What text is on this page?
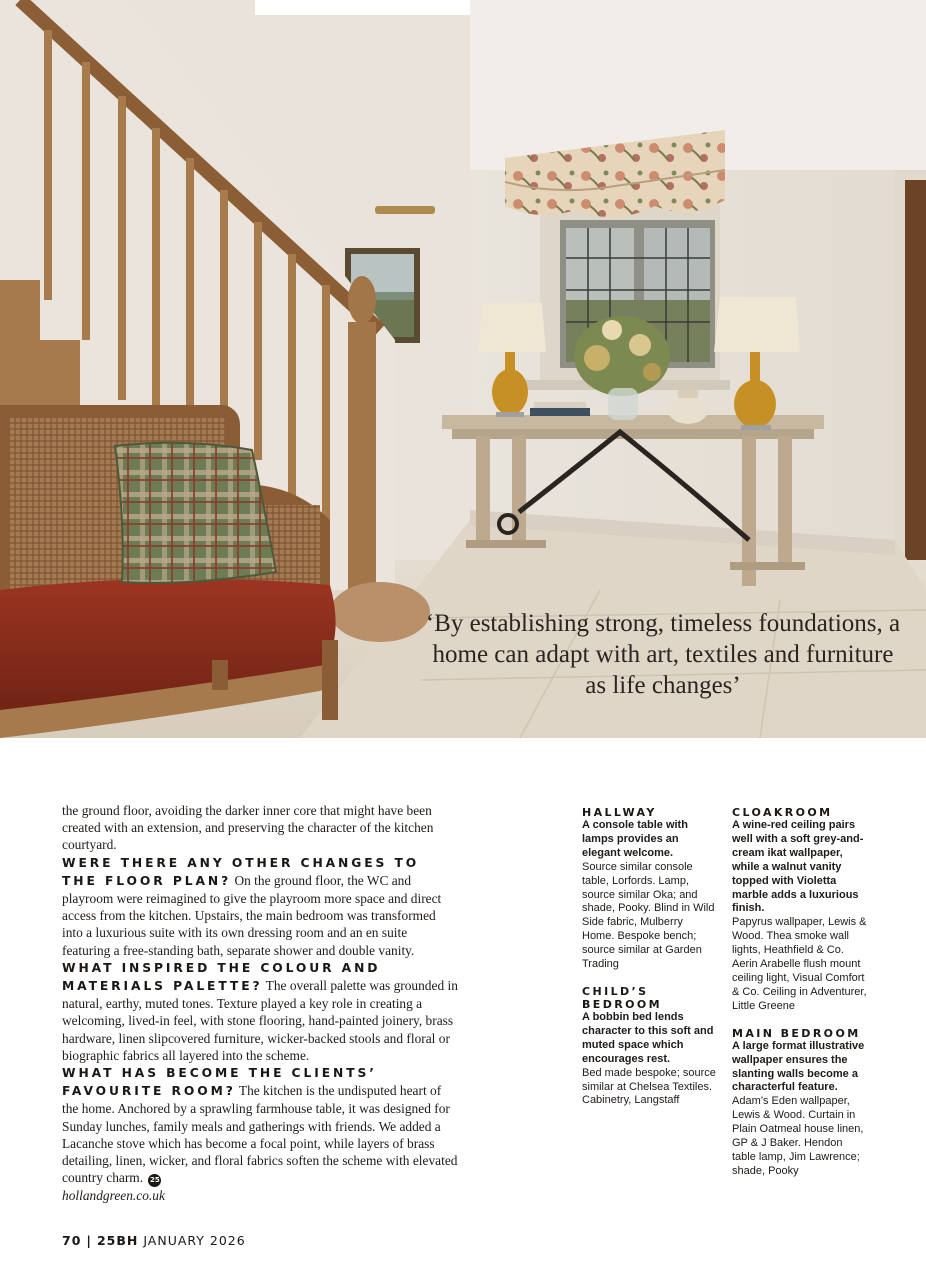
‘By establishing strong, timeless foundations, a home can adapt with art, textiles and furniture as life changes’

the ground floor, avoiding the darker inner core that might have been created with an extension, and preserving the character of the kitchen courtyard.

WERE THERE ANY OTHER CHANGES TO THE FLOOR PLAN? On the ground floor, the WC and playroom were reimagined to give the playroom more space and direct access from the kitchen. Upstairs, the main bedroom was transformed into a luxurious suite with its own dressing room and an en suite featuring a free-standing bath, separate shower and double vanity.

WHAT INSPIRED THE COLOUR AND MATERIALS PALETTE? The overall palette was grounded in natural, earthy, muted tones. Texture played a key role in creating a welcoming, lived-in feel, with stone flooring, hand-painted joinery, brass hardware, linen slipcovered furniture, wicker-backed stools and floral or biographic fabrics all layered into the scheme.

WHAT HAS BECOME THE CLIENTS’ FAVOURITE ROOM? The kitchen is the undisputed heart of the home. Anchored by a sprawling farmhouse table, it was designed for Sunday lunches, family meals and gatherings with friends. We added a Lacanche stove which has become a focal point, while layers of brass detailing, linen, wicker, and floral fabrics soften the scheme with elevated country charm. 25

hollandgreen.co.uk

HALLWAY
A console table with lamps provides an elegant welcome.
Source similar console table, Lorfords. Lamp, source similar Oka; and shade, Pooky. Blind in Wild Side fabric, Mulberry Home. Bespoke bench; source similar at Garden Trading
CHILD’S BEDROOM
A bobbin bed lends character to this soft and muted space which encourages rest.
Bed made bespoke; source similar at Chelsea Textiles. Cabinetry, Langstaff
CLOAKROOM
A wine-red ceiling pairs well with a soft grey-and-cream ikat wallpaper, while a walnut vanity topped with Violetta marble adds a luxurious finish.
Papyrus wallpaper, Lewis & Wood. Thea smoke wall lights, Heathfield & Co. Aerin Arabelle flush mount ceiling light, Visual Comfort & Co. Ceiling in Adventurer, Little Greene
MAIN BEDROOM
A large format illustrative wallpaper ensures the slanting walls become a characterful feature.
Adam’s Eden wallpaper, Lewis & Wood. Curtain in Plain Oatmeal house linen, GP & J Baker. Hendon table lamp, Jim Lawrence; shade, Pooky
70 | 25BH JANUARY 2026
